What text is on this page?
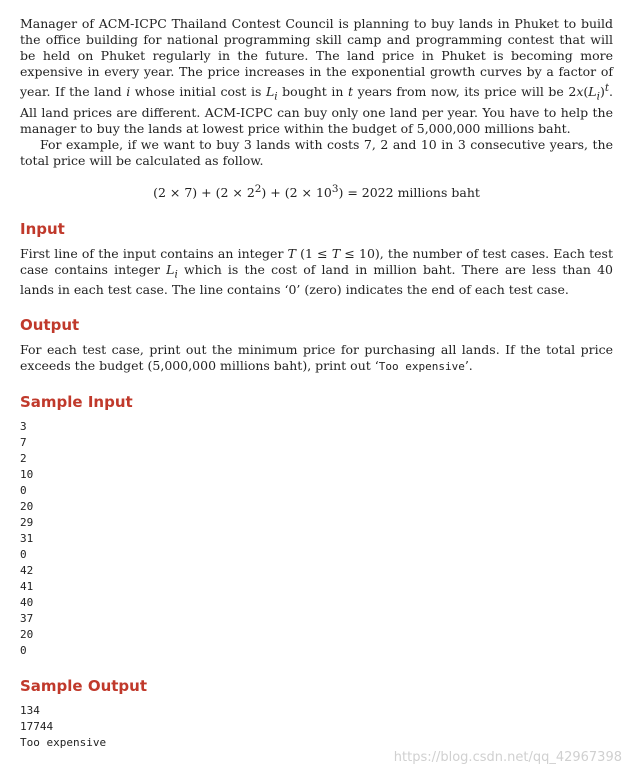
Manager of ACM-ICPC Thailand Contest Council is planning to buy lands in Phuket to build the office building for national programming skill camp and programming contest that will be held on Phuket regularly in the future. The land price in Phuket is becoming more expensive in every year. The price increases in the exponential growth curves by a factor of year. If the land i whose initial cost is $L_i$ bought in t years from now, its price will be $2x(L_i)^t$. All land prices are different. ACM-ICPC can buy only one land per year. You have to help the manager to buy the lands at lowest price within the budget of 5,000,000 millions baht.

For example, if we want to buy 3 lands with costs 7, 2 and 10 in 3 consecutive years, the total price will be calculated as follow.

$(2 \times 7) + (2 \times 2^2) + (2 \times 10^3) = 2022$ millions baht
Input

First line of the input contains an integer T (1 ≤ T ≤ 10), the number of test cases. Each test case contains integer $L_i$ which is the cost of land in million baht. There are less than 40 lands in each test case. The line contains ‘0’ (zero) indicates the end of each test case.

Output

For each test case, print out the minimum price for purchasing all lands. If the total price exceeds the budget (5,000,000 millions baht), print out ‘Too expensive’.

Sample Input
3
7
2
10
0
20
29
31
0
42
41
40
37
20
0
Sample Output
134
17744
Too expensive
https://blog.csdn.net/qq_42967398
